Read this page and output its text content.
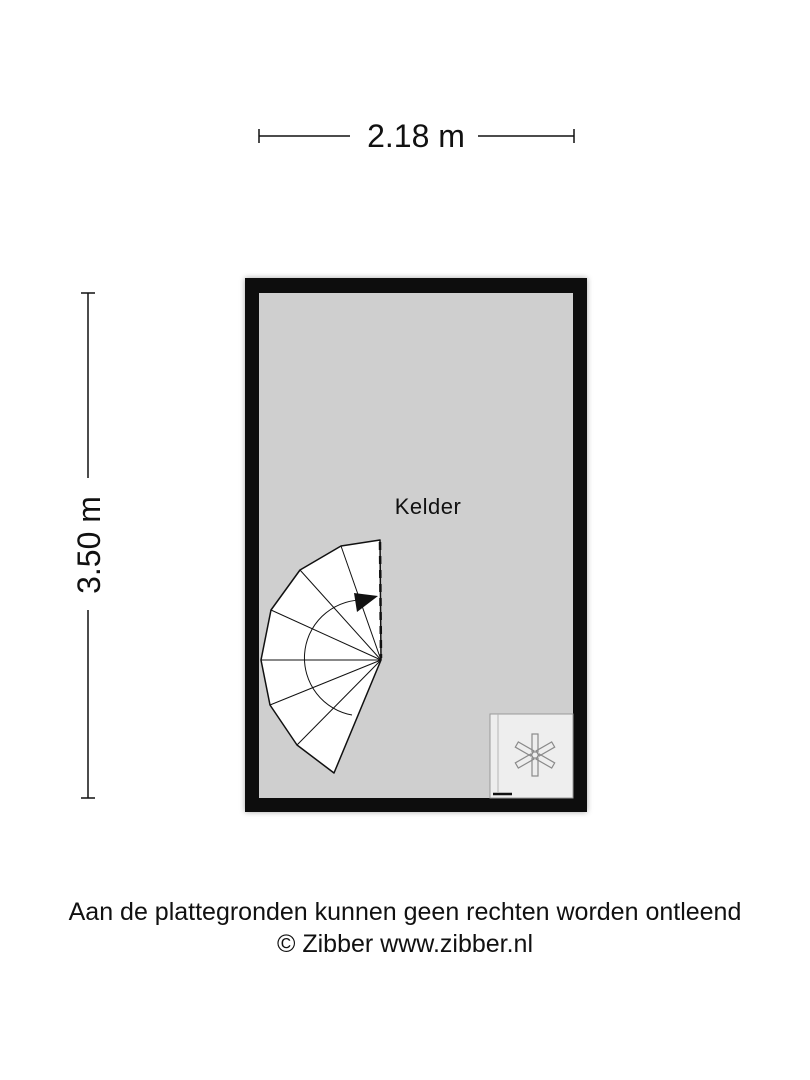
2.18 m
3.50 m	Kelder
Aan de plattegronden kunnen geen rechten worden ontleend
© Zibber www.zibber.nl
